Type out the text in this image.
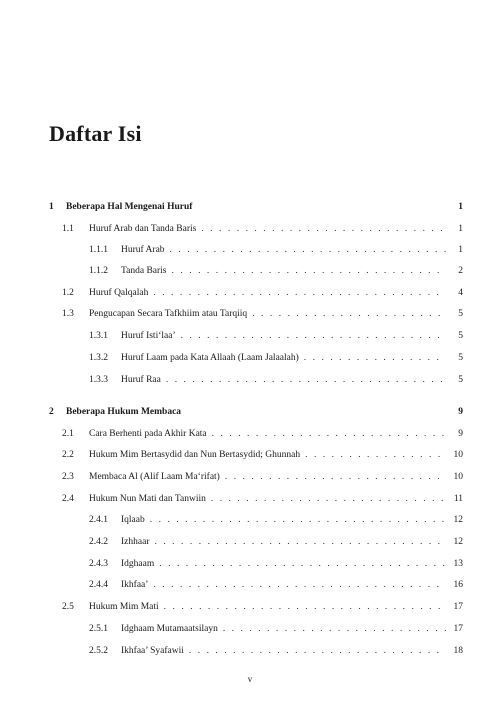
Daftar Isi
1	Beberapa Hal Mengenai Huruf	1
1.1	Huruf Arab dan Tanda Baris . . .	1
1.1.1	Huruf Arab . . .	1
1.1.2	Tanda Baris . . .	2
1.2	Huruf Qalqalah . . .	4
1.3	Pengucapan Secara Tafkhiim atau Tarqiiq . . .	5
1.3.1	Huruf Isti‘laa’ . . .	5
1.3.2	Huruf Laam pada Kata Allaah (Laam Jalaalah) . . .	5
1.3.3	Huruf Raa . . .	5
2	Beberapa Hukum Membaca	9
2.1	Cara Berhenti pada Akhir Kata . . .	9
2.2	Hukum Mim Bertasydid dan Nun Bertasydid; Ghunnah . . .	10
2.3	Membaca Al (Alif Laam Ma‘rifat) . . .	10
2.4	Hukum Nun Mati dan Tanwiin . . .	11
2.4.1	Iqlaab . . .	12
2.4.2	Izhhaar . . .	12
2.4.3	Idghaam . . .	13
2.4.4	Ikhfaa’ . . .	16
2.5	Hukum Mim Mati . . .	17
2.5.1	Idghaam Mutamaatsilayn . . .	17
2.5.2	Ikhfaa’ Syafawii . . .	18
v
